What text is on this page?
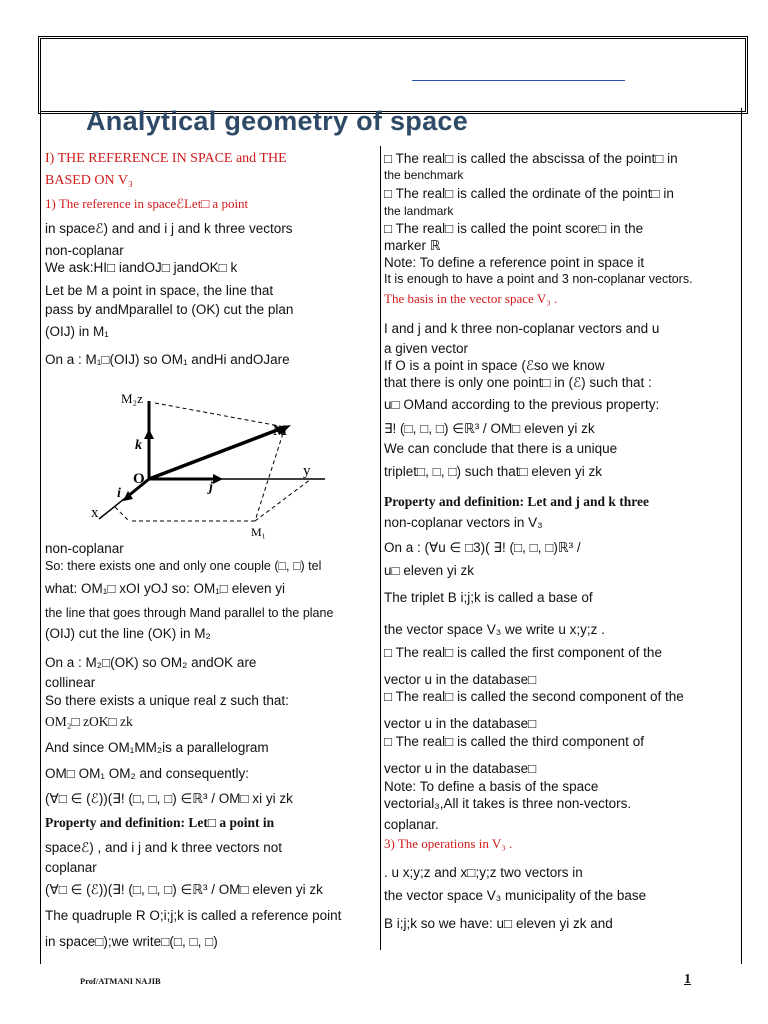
Analytical geometry of space
I) THE REFERENCE IN SPACE and THE
BASED ON V₃
1) The reference in spaceℰLet□ a point
in spaceℰ) and and i j and k three vectors
non-coplanar
We ask:HI□ iandOJ□ jandOK□ k
Let be M a point in space, the line that
pass by andMparallel to (OK) cut the plan
(OIJ) in M₁
On a : M₁□(OIJ) so OM₁ andHi andOJare
non-coplanar
So: there exists one and only one couple (□, □) tel
what: OM₁□ xOI yOJ so: OM₁□ eleven yi
the line that goes through Mand parallel to the plane
(OIJ) cut the line (OK) in M₂
On a : M₂□(OK) so OM₂ andOK are
collinear
So there exists a unique real z such that:
OM₂□ zOK□ zk
And since OM₁MM₂is a parallelogram
OM□ OM₁ OM₂ and consequently:
(∀□ ∈ (ℰ))(∃! (□, □, □) ∈ℝ³ / OM□ xi yi zk
Property and definition: Let□ a point in
spaceℰ) , and i j and k three vectors not
coplanar
(∀□ ∈ (ℰ))(∃! (□, □, □) ∈ℝ³ / OM□ eleven yi zk
The quadruple R O;i;j;k is called a reference point
in space□);we write□(□, □, □)
□ The real□ is called the abscissa of the point□ in
the benchmark
□ The real□ is called the ordinate of the point□ in
the landmark
□ The real□ is called the point score□ in the
marker ℝ
Note: To define a reference point in space it
It is enough to have a point and 3 non-coplanar vectors.
The basis in the vector space V₃ .
I and j and k three non-coplanar vectors and u
a given vector
If O is a point in space (ℰso we know
that there is only one point□ in (ℰ) such that :
u□ OMand according to the previous property:
∃! (□, □, □) ∈ℝ³ / OM□ eleven yi zk
We can conclude that there is a unique
triplet□, □, □) such that□ eleven yi zk
Property and definition: Let and j and k three
non-coplanar vectors in V₃
On a : (∀u ∈ □3)( ∃! (□, □, □)ℝ³ /
u□ eleven yi zk
The triplet B i;j;k is called a base of
the vector space V₃ we write u x;y;z .
□ The real□ is called the first component of the
vector u in the database□
□ The real□ is called the second component of the
vector u in the database□
□ The real□ is called the third component of
vector u in the database□
Note: To define a basis of the space
vectorial₃,All it takes is three non-vectors.
coplanar.
3) The operations in V₃ .
. u x;y;z and x□;y;z two vectors in
the vector space V₃ municipality of the base
B i;j;k so we have: u□ eleven yi zk and
M₂z
M
k
O	y
j
i
x
M₁
Prof/ATMANI NAJIB	1
